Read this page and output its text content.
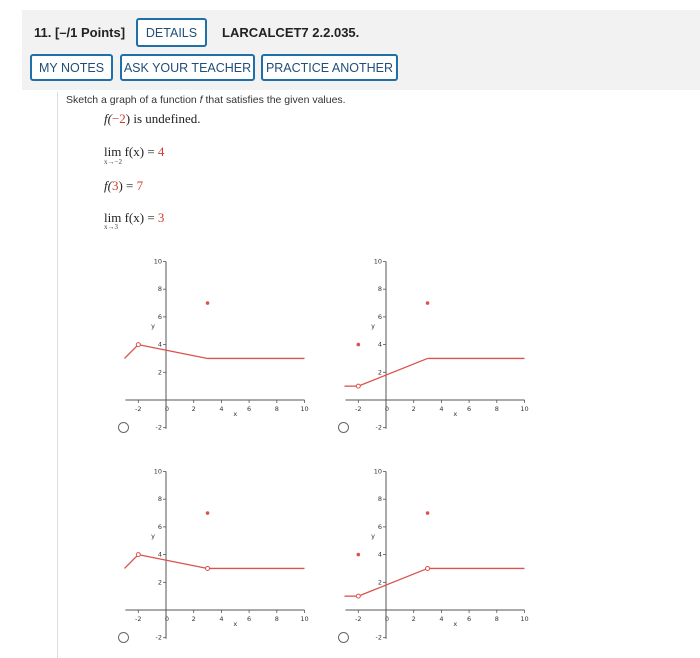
11. [–/1 Points]	DETAILS	LARCALCET7 2.2.035.
MY NOTES	ASK YOUR TEACHER	PRACTICE ANOTHER
Sketch a graph of a function f that satisfies the given values.
f(−2) is undefined.
lim f(x) = 4
x→−2
f(3) = 7
lim f(x) = 3
x→3
-2	0	2	4	6	8	10
-2
2
4
6
8
10
x
y
-2	0	2	4	6	8	10
-2
2
4
6
8
10
x
y
-2	0	2	4	6	8	10
-2
2
4
6
8
10
x
y
-2	0	2	4	6	8	10
-2
2
4
6
8
10
x
y
